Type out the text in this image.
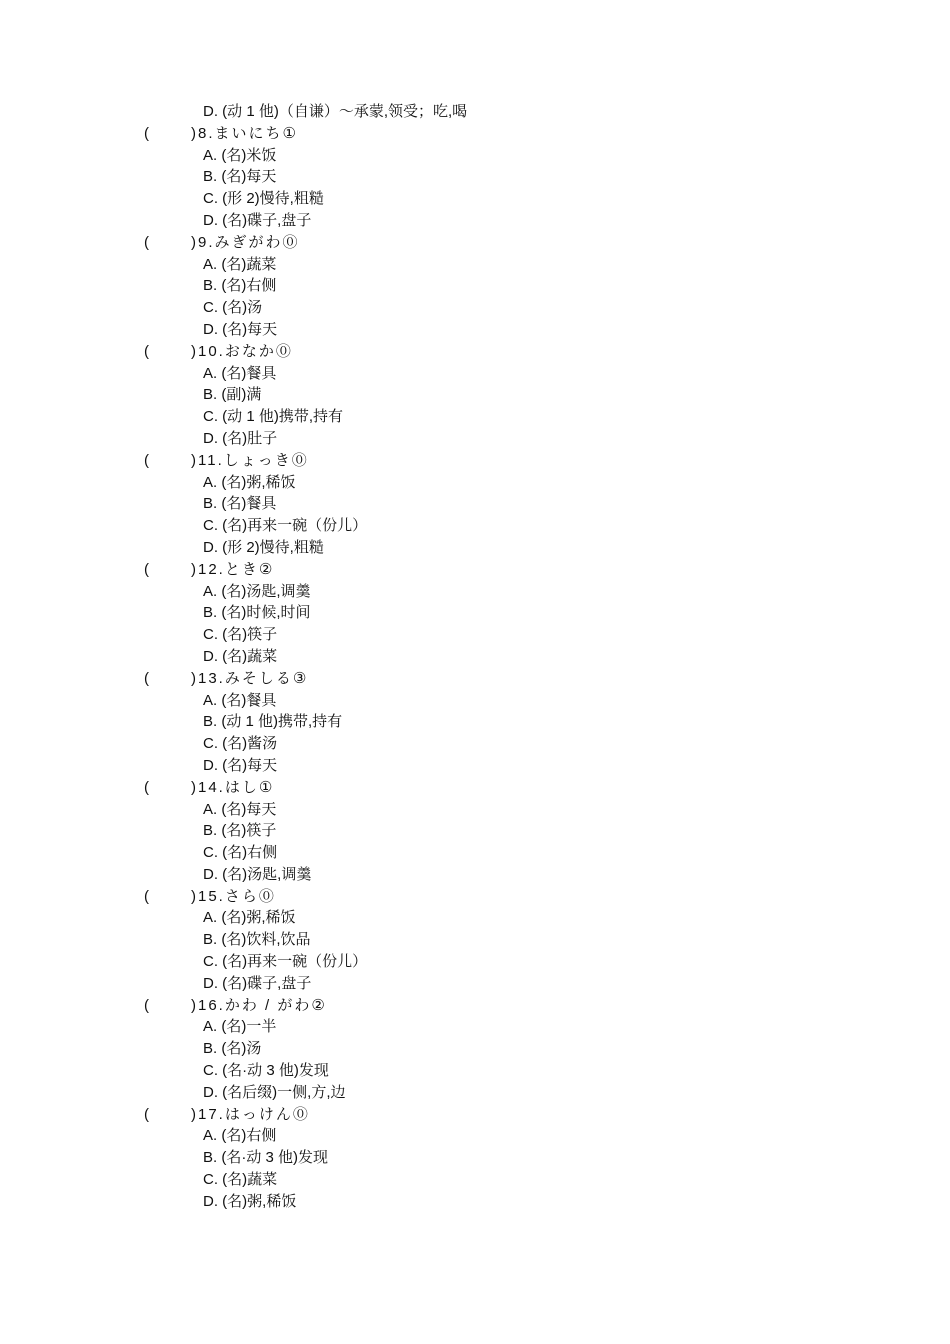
D. (动 1 他)（自谦）～承蒙,领受；吃,喝
(	)8.まいにち①
A. (名)米饭
B. (名)每天
C. (形 2)慢待,粗糙
D. (名)碟子,盘子
(	)9.みぎがわ⓪
A. (名)蔬菜
B. (名)右侧
C. (名)汤
D. (名)每天
(	)10.おなか⓪
A. (名)餐具
B. (副)满
C. (动 1 他)携带,持有
D. (名)肚子
(	)11.しょっき⓪
A. (名)粥,稀饭
B. (名)餐具
C. (名)再来一碗（份儿）
D. (形 2)慢待,粗糙
(	)12.とき②
A. (名)汤匙,调羹
B. (名)时候,时间
C. (名)筷子
D. (名)蔬菜
(	)13.みそしる③
A. (名)餐具
B. (动 1 他)携带,持有
C. (名)酱汤
D. (名)每天
(	)14.はし①
A. (名)每天
B. (名)筷子
C. (名)右侧
D. (名)汤匙,调羹
(	)15.さら⓪
A. (名)粥,稀饭
B. (名)饮料,饮品
C. (名)再来一碗（份儿）
D. (名)碟子,盘子
(	)16.かわ / がわ②
A. (名)一半
B. (名)汤
C. (名·动 3 他)发现
D. (名后缀)一侧,方,边
(	)17.はっけん⓪
A. (名)右侧
B. (名·动 3 他)发现
C. (名)蔬菜
D. (名)粥,稀饭
